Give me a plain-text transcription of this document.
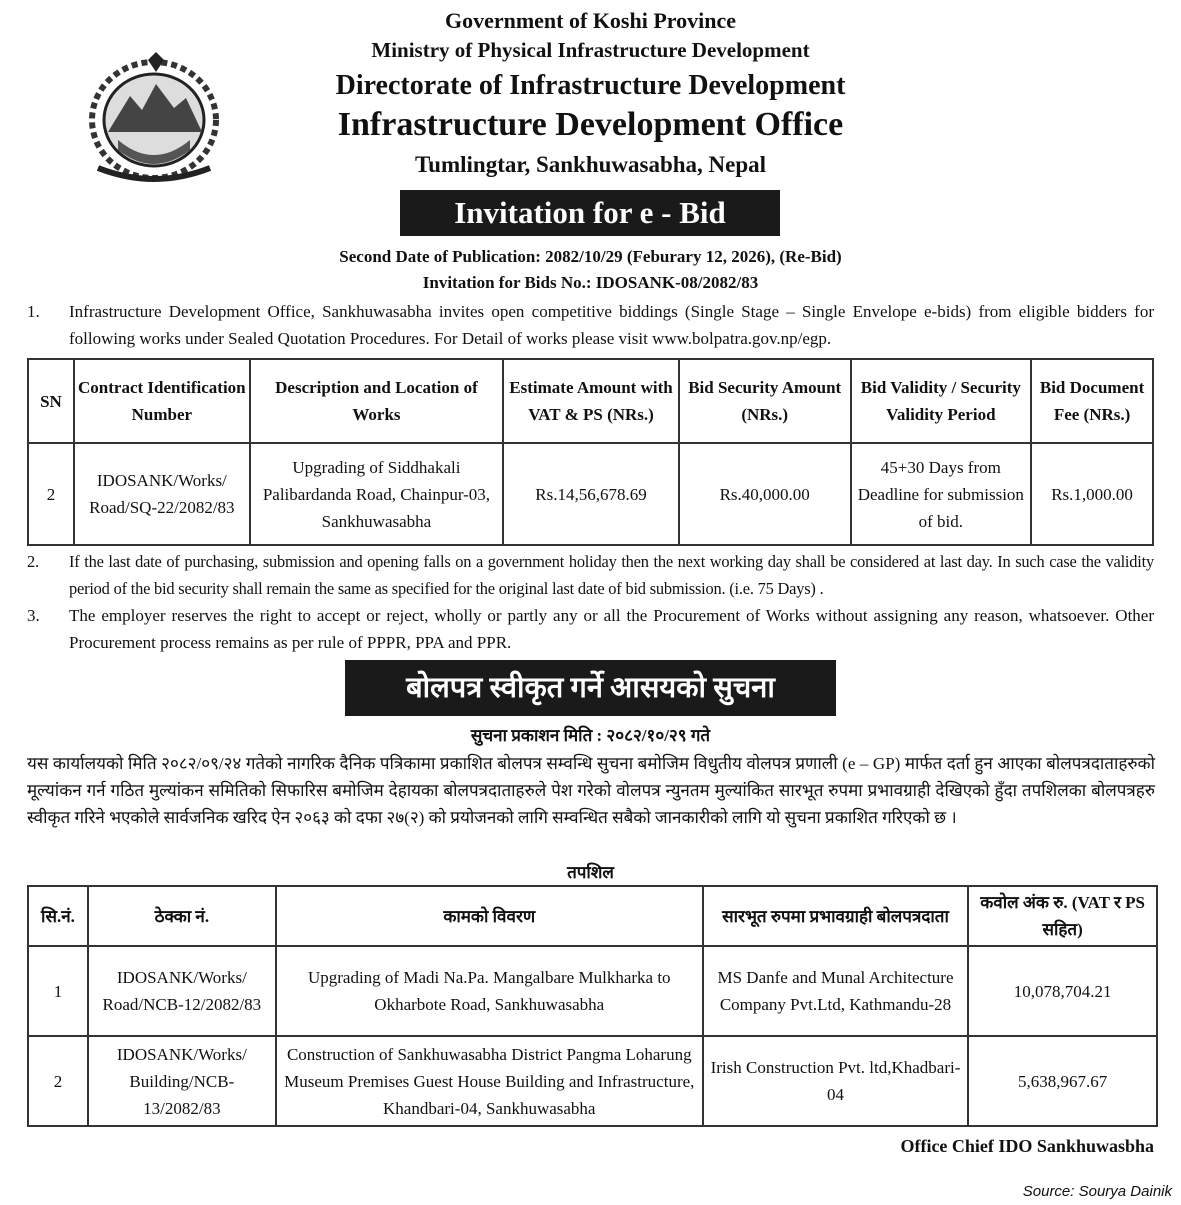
Government of Koshi Province
Ministry of Physical Infrastructure Development
Directorate of Infrastructure Development
Infrastructure Development Office
Tumlingtar, Sankhuwasabha, Nepal
Invitation for e - Bid
Second Date of Publication: 2082/10/29 (Feburary 12, 2026), (Re-Bid)
Invitation for Bids No.: IDOSANK-08/2082/83
1. Infrastructure Development Office, Sankhuwasabha invites open competitive biddings (Single Stage – Single Envelope e-bids) from eligible bidders for following works under Sealed Quotation Procedures. For Detail of works please visit www.bolpatra.gov.np/egp.
SN	Contract Identification Number	Description and Location of Works	Estimate Amount with VAT & PS (NRs.)	Bid Security Amount (NRs.)	Bid Validity / Security Validity Period	Bid Document Fee (NRs.)
2	IDOSANK/Works/ Road/SQ-22/2082/83	Upgrading of Siddhakali Palibardanda Road, Chainpur-03, Sankhuwasabha	Rs.14,56,678.69	Rs.40,000.00	45+30 Days from Deadline for submission of bid.	Rs.1,000.00
2. If the last date of purchasing, submission and opening falls on a government holiday then the next working day shall be considered at last day. In such case the validity period of the bid security shall remain the same as specified for the original last date of bid submission. (i.e. 75 Days) .
3. The employer reserves the right to accept or reject, wholly or partly any or all the Procurement of Works without assigning any reason, whatsoever. Other Procurement process remains as per rule of PPPR, PPA and PPR.
बोलपत्र स्वीकृत गर्ने आसयको सुचना
सुचना प्रकाशन मिति : २०८२/१०/२९ गते
यस कार्यालयको मिति २०८२/०९/२४ गतेको नागरिक दैनिक पत्रिकामा प्रकाशित बोलपत्र सम्वन्धि सुचना बमोजिम विधुतीय वोलपत्र प्रणाली (e – GP) मार्फत दर्ता हुन आएका बोलपत्रदाताहरुको मूल्यांकन गर्न गठित मुल्यांकन समितिको सिफारिस बमोजिम देहायका बोलपत्रदाताहरुले पेश गरेको वोलपत्र न्युनतम मुल्यांकित सारभूत रुपमा प्रभावग्राही देखिएको हुँदा तपशिलका बोलपत्रहरु स्वीकृत गरिने भएकोले सार्वजनिक खरिद ऐन २०६३ को दफा २७(२) को प्रयोजनको लागि सम्वन्धित सबैको जानकारीको लागि यो सुचना प्रकाशित गरिएको छ ।
तपशिल
सि.नं.	ठेक्का नं.	कामको विवरण	सारभूत रुपमा प्रभावग्राही बोलपत्रदाता	कवोल अंक रु. (VAT र PS सहित)
1	IDOSANK/Works/ Road/NCB-12/2082/83	Upgrading of Madi Na.Pa. Mangalbare Mulkharka to Okharbote Road, Sankhuwasabha	MS Danfe and Munal Architecture Company Pvt.Ltd, Kathmandu-28	10,078,704.21
2	IDOSANK/Works/ Building/NCB- 13/2082/83	Construction of Sankhuwasabha District Pangma Loharung Museum Premises Guest House Building and Infrastructure, Khandbari-04, Sankhuwasabha	Irish Construction Pvt. ltd,Khadbari-04	5,638,967.67
Office Chief IDO Sankhuwasbha
Source: Sourya Dainik
